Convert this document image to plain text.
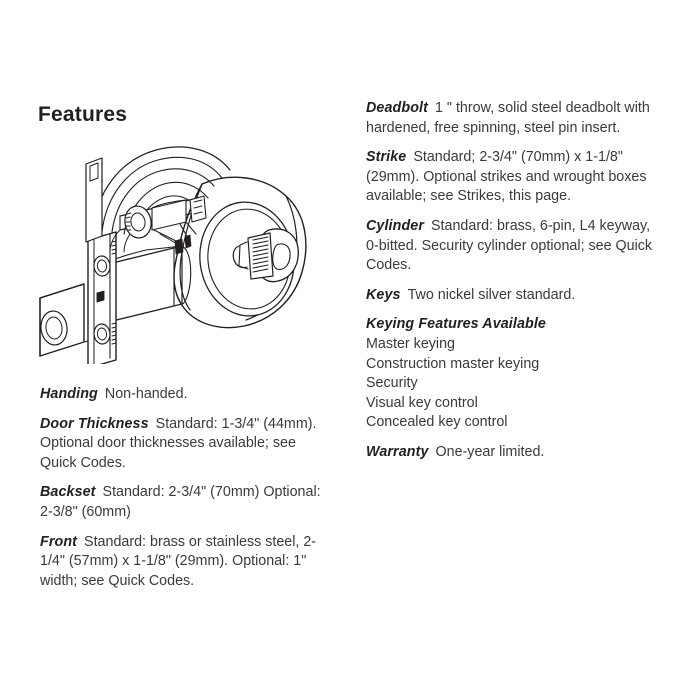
Features

Handing Non-handed.

Door Thickness Standard: 1-3/4" (44mm). Optional door thicknesses available; see Quick Codes.

Backset Standard: 2-3/4" (70mm) Optional: 2-3/8" (60mm)

Front Standard: brass or stainless steel, 2-1/4" (57mm) x 1-1/8" (29mm). Optional: 1" width; see Quick Codes.

Deadbolt 1 " throw, solid steel deadbolt with hardened, free spinning, steel pin insert.

Strike Standard; 2-3/4" (70mm) x 1-1/8" (29mm). Optional strikes and wrought boxes available; see Strikes, this page.

Cylinder Standard: brass, 6-pin, L4 keyway, 0-bitted. Security cylinder optional; see Quick Codes.

Keys Two nickel silver standard.

Keying Features Available
Master keying
Construction master keying
Security
Visual key control
Concealed key control

Warranty One-year limited.
